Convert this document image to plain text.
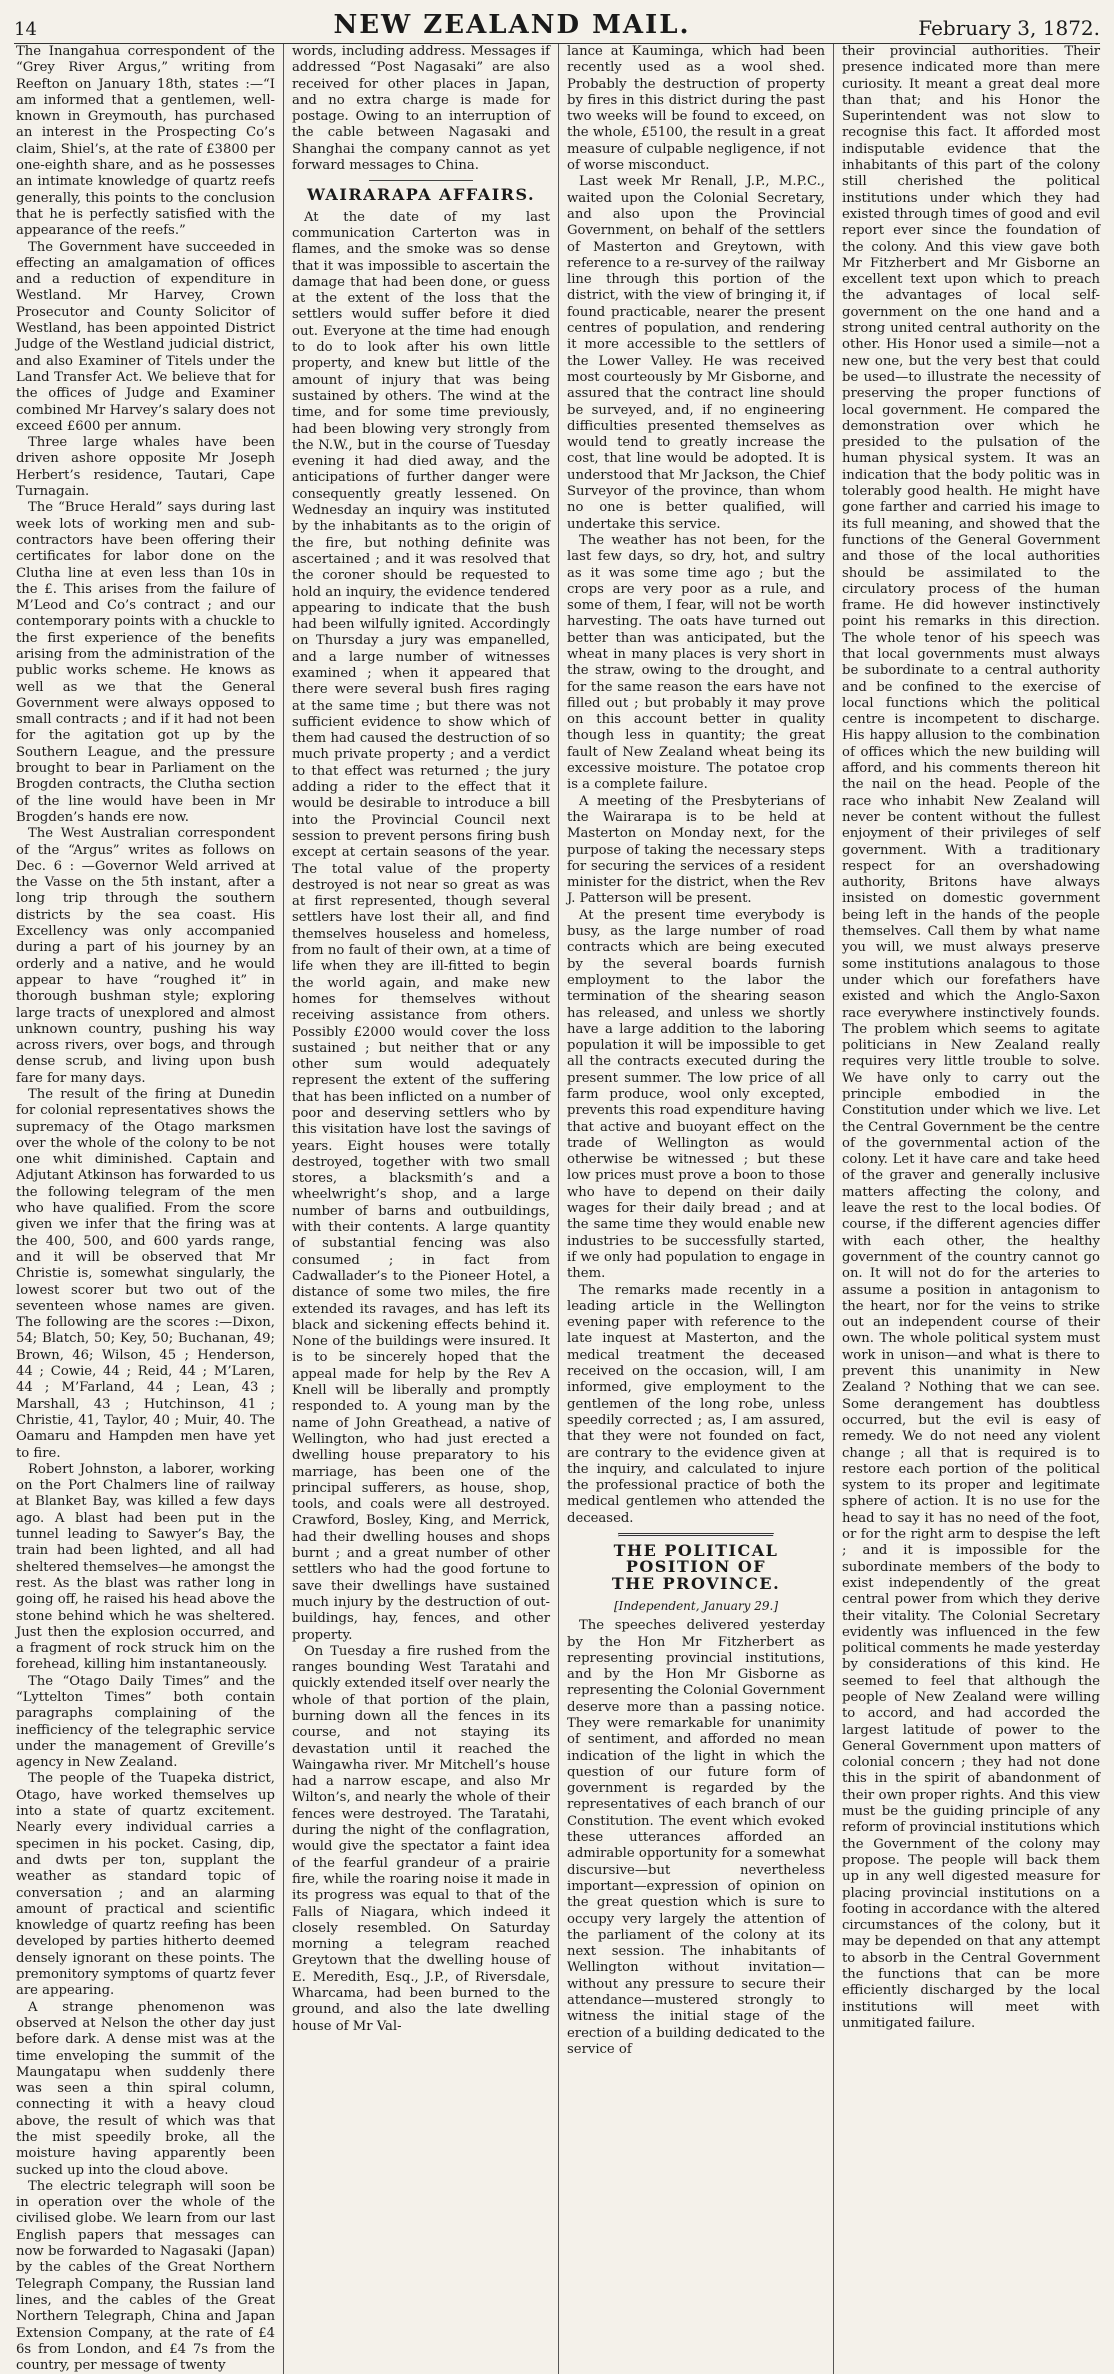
14	NEW ZEALAND MAIL.	February 3, 1872.

The Inangahua correspondent of the “Grey River Argus,” writing from Reefton on January 18th, states :—“I am informed that a gentlemen, well-known in Greymouth, has purchased an interest in the Prospecting Co’s claim, Shiel’s, at the rate of £3800 per one-eighth share, and as he possesses an intimate knowledge of quartz reefs generally, this points to the conclusion that he is perfectly satisfied with the appearance of the reefs.”

The Government have succeeded in effecting an amalgamation of offices and a reduction of expenditure in Westland. Mr Harvey, Crown Prosecutor and County Solicitor of Westland, has been appointed District Judge of the Westland judicial district, and also Examiner of Titels under the Land Transfer Act. We believe that for the offices of Judge and Examiner combined Mr Harvey’s salary does not exceed £600 per annum.

Three large whales have been driven ashore opposite Mr Joseph Herbert’s residence, Tautari, Cape Turnagain.

The “Bruce Herald” says during last week lots of working men and sub-contractors have been offering their certificates for labor done on the Clutha line at even less than 10s in the £. This arises from the failure of M’Leod and Co’s contract ; and our contemporary points with a chuckle to the first experience of the benefits arising from the administration of the public works scheme. He knows as well as we that the General Government were always opposed to small contracts ; and if it had not been for the agitation got up by the Southern League, and the pressure brought to bear in Parliament on the Brogden contracts, the Clutha section of the line would have been in Mr Brogden’s hands ere now.

The West Australian correspondent of the “Argus” writes as follows on Dec. 6 : —Governor Weld arrived at the Vasse on the 5th instant, after a long trip through the southern districts by the sea coast. His Excellency was only accompanied during a part of his journey by an orderly and a native, and he would appear to have “roughed it” in thorough bushman style; exploring large tracts of unexplored and almost unknown country, pushing his way across rivers, over bogs, and through dense scrub, and living upon bush fare for many days.

The result of the firing at Dunedin for colonial representatives shows the supremacy of the Otago marksmen over the whole of the colony to be not one whit diminished. Captain and Adjutant Atkinson has forwarded to us the following telegram of the men who have qualified. From the score given we infer that the firing was at the 400, 500, and 600 yards range, and it will be observed that Mr Christie is, somewhat singularly, the lowest scorer but two out of the seventeen whose names are given. The following are the scores :—Dixon, 54; Blatch, 50; Key, 50; Buchanan, 49; Brown, 46; Wilson, 45 ; Henderson, 44 ; Cowie, 44 ; Reid, 44 ; M’Laren, 44 ; M’Farland, 44 ; Lean, 43 ; Marshall, 43 ; Hutchinson, 41 ; Christie, 41, Taylor, 40 ; Muir, 40. The Oamaru and Hampden men have yet to fire.

Robert Johnston, a laborer, working on the Port Chalmers line of railway at Blanket Bay, was killed a few days ago. A blast had been put in the tunnel leading to Sawyer’s Bay, the train had been lighted, and all had sheltered themselves—he amongst the rest. As the blast was rather long in going off, he raised his head above the stone behind which he was sheltered. Just then the explosion occurred, and a fragment of rock struck him on the forehead, killing him instantaneously.

The “Otago Daily Times” and the “Lyttelton Times” both contain paragraphs complaining of the inefficiency of the telegraphic service under the management of Greville’s agency in New Zealand.

The people of the Tuapeka district, Otago, have worked themselves up into a state of quartz excitement. Nearly every individual carries a specimen in his pocket. Casing, dip, and dwts per ton, supplant the weather as standard topic of conversation ; and an alarming amount of practical and scientific knowledge of quartz reefing has been developed by parties hitherto deemed densely ignorant on these points. The premonitory symptoms of quartz fever are appearing.

A strange phenomenon was observed at Nelson the other day just before dark. A dense mist was at the time enveloping the summit of the Maungatapu when suddenly there was seen a thin spiral column, connecting it with a heavy cloud above, the result of which was that the mist speedily broke, all the moisture having apparently been sucked up into the cloud above.

The electric telegraph will soon be in operation over the whole of the civilised globe. We learn from our last English papers that messages can now be forwarded to Nagasaki (Japan) by the cables of the Great Northern Telegraph Company, the Russian land lines, and the cables of the Great Northern Telegraph, China and Japan Extension Company, at the rate of £4 6s from London, and £4 7s from the country, per message of twenty

words, including address. Messages if addressed “Post Nagasaki” are also received for other places in Japan, and no extra charge is made for postage. Owing to an interruption of the cable between Nagasaki and Shanghai the company cannot as yet forward messages to China.

WAIRARAPA AFFAIRS.

At the date of my last communication Carterton was in flames, and the smoke was so dense that it was impossible to ascertain the damage that had been done, or guess at the extent of the loss that the settlers would suffer before it died out. Everyone at the time had enough to do to look after his own little property, and knew but little of the amount of injury that was being sustained by others. The wind at the time, and for some time previously, had been blowing very strongly from the N.W., but in the course of Tuesday evening it had died away, and the anticipations of further danger were consequently greatly lessened. On Wednesday an inquiry was instituted by the inhabitants as to the origin of the fire, but nothing definite was ascertained ; and it was resolved that the coroner should be requested to hold an inquiry, the evidence tendered appearing to indicate that the bush had been wilfully ignited. Accordingly on Thursday a jury was empanelled, and a large number of witnesses examined ; when it appeared that there were several bush fires raging at the same time ; but there was not sufficient evidence to show which of them had caused the destruction of so much private property ; and a verdict to that effect was returned ; the jury adding a rider to the effect that it would be desirable to introduce a bill into the Provincial Council next session to prevent persons firing bush except at certain seasons of the year. The total value of the property destroyed is not near so great as was at first represented, though several settlers have lost their all, and find themselves houseless and homeless, from no fault of their own, at a time of life when they are ill-fitted to begin the world again, and make new homes for themselves without receiving assistance from others. Possibly £2000 would cover the loss sustained ; but neither that or any other sum would adequately represent the extent of the suffering that has been inflicted on a number of poor and deserving settlers who by this visitation have lost the savings of years. Eight houses were totally destroyed, together with two small stores, a blacksmith’s and a wheelwright’s shop, and a large number of barns and outbuildings, with their contents. A large quantity of substantial fencing was also consumed ; in fact from Cadwallader’s to the Pioneer Hotel, a distance of some two miles, the fire extended its ravages, and has left its black and sickening effects behind it. None of the buildings were insured. It is to be sincerely hoped that the appeal made for help by the Rev A Knell will be liberally and promptly responded to. A young man by the name of John Greathead, a native of Wellington, who had just erected a dwelling house preparatory to his marriage, has been one of the principal sufferers, as house, shop, tools, and coals were all destroyed. Crawford, Bosley, King, and Merrick, had their dwelling houses and shops burnt ; and a great number of other settlers who had the good fortune to save their dwellings have sustained much injury by the destruction of out-buildings, hay, fences, and other property.

On Tuesday a fire rushed from the ranges bounding West Taratahi and quickly extended itself over nearly the whole of that portion of the plain, burning down all the fences in its course, and not staying its devastation until it reached the Waingawha river. Mr Mitchell’s house had a narrow escape, and also Mr Wilton’s, and nearly the whole of their fences were destroyed. The Taratahi, during the night of the conflagration, would give the spectator a faint idea of the fearful grandeur of a prairie fire, while the roaring noise it made in its progress was equal to that of the Falls of Niagara, which indeed it closely resembled. On Saturday morning a telegram reached Greytown that the dwelling house of E. Meredith, Esq., J.P., of Riversdale, Wharcama, had been burned to the ground, and also the late dwelling house of Mr Val-

lance at Kauminga, which had been recently used as a wool shed. Probably the destruction of property by fires in this district during the past two weeks will be found to exceed, on the whole, £5100, the result in a great measure of culpable negligence, if not of worse misconduct.

Last week Mr Renall, J.P., M.P.C., waited upon the Colonial Secretary, and also upon the Provincial Government, on behalf of the settlers of Masterton and Greytown, with reference to a re-survey of the railway line through this portion of the district, with the view of bringing it, if found practicable, nearer the present centres of population, and rendering it more accessible to the settlers of the Lower Valley. He was received most courteously by Mr Gisborne, and assured that the contract line should be surveyed, and, if no engineering difficulties presented themselves as would tend to greatly increase the cost, that line would be adopted. It is understood that Mr Jackson, the Chief Surveyor of the province, than whom no one is better qualified, will undertake this service.

The weather has not been, for the last few days, so dry, hot, and sultry as it was some time ago ; but the crops are very poor as a rule, and some of them, I fear, will not be worth harvesting. The oats have turned out better than was anticipated, but the wheat in many places is very short in the straw, owing to the drought, and for the same reason the ears have not filled out ; but probably it may prove on this account better in quality though less in quantity; the great fault of New Zealand wheat being its excessive moisture. The potatoe crop is a complete failure.

A meeting of the Presbyterians of the Wairarapa is to be held at Masterton on Monday next, for the purpose of taking the necessary steps for securing the services of a resident minister for the district, when the Rev J. Patterson will be present.

At the present time everybody is busy, as the large number of road contracts which are being executed by the several boards furnish employment to the labor the termination of the shearing season has released, and unless we shortly have a large addition to the laboring population it will be impossible to get all the contracts executed during the present summer. The low price of all farm produce, wool only excepted, prevents this road expenditure having that active and buoyant effect on the trade of Wellington as would otherwise be witnessed ; but these low prices must prove a boon to those who have to depend on their daily wages for their daily bread ; and at the same time they would enable new industries to be successfully started, if we only had population to engage in them.

The remarks made recently in a leading article in the Wellington evening paper with reference to the late inquest at Masterton, and the medical treatment the deceased received on the occasion, will, I am informed, give employment to the gentlemen of the long robe, unless speedily corrected ; as, I am assured, that they were not founded on fact, are contrary to the evidence given at the inquiry, and calculated to injure the professional practice of both the medical gentlemen who attended the deceased.

THE POLITICAL POSITION OF
THE PROVINCE.
[Independent, January 29.]

The speeches delivered yesterday by the Hon Mr Fitzherbert as representing provincial institutions, and by the Hon Mr Gisborne as representing the Colonial Government deserve more than a passing notice. They were remarkable for unanimity of sentiment, and afforded no mean indication of the light in which the question of our future form of government is regarded by the representatives of each branch of our Constitution. The event which evoked these utterances afforded an admirable opportunity for a somewhat discursive—but nevertheless important—expression of opinion on the great question which is sure to occupy very largely the attention of the parliament of the colony at its next session. The inhabitants of Wellington without invitation—without any pressure to secure their attendance—mustered strongly to witness the initial stage of the erection of a building dedicated to the service of

their provincial authorities. Their presence indicated more than mere curiosity. It meant a great deal more than that; and his Honor the Superintendent was not slow to recognise this fact. It afforded most indisputable evidence that the inhabitants of this part of the colony still cherished the political institutions under which they had existed through times of good and evil report ever since the foundation of the colony. And this view gave both Mr Fitzherbert and Mr Gisborne an excellent text upon which to preach the advantages of local self-government on the one hand and a strong united central authority on the other. His Honor used a simile—not a new one, but the very best that could be used—to illustrate the necessity of preserving the proper functions of local government. He compared the demonstration over which he presided to the pulsation of the human physical system. It was an indication that the body politic was in tolerably good health. He might have gone farther and carried his image to its full meaning, and showed that the functions of the General Government and those of the local authorities should be assimilated to the circulatory process of the human frame. He did however instinctively point his remarks in this direction. The whole tenor of his speech was that local governments must always be subordinate to a central authority and be confined to the exercise of local functions which the political centre is incompetent to discharge. His happy allusion to the combination of offices which the new building will afford, and his comments thereon hit the nail on the head. People of the race who inhabit New Zealand will never be content without the fullest enjoyment of their privileges of self government. With a traditionary respect for an overshadowing authority, Britons have always insisted on domestic government being left in the hands of the people themselves. Call them by what name you will, we must always preserve some institutions analagous to those under which our forefathers have existed and which the Anglo-Saxon race everywhere instinctively founds. The problem which seems to agitate politicians in New Zealand really requires very little trouble to solve. We have only to carry out the principle embodied in the Constitution under which we live. Let the Central Government be the centre of the governmental action of the colony. Let it have care and take heed of the graver and generally inclusive matters affecting the colony, and leave the rest to the local bodies. Of course, if the different agencies differ with each other, the healthy government of the country cannot go on. It will not do for the arteries to assume a position in antagonism to the heart, nor for the veins to strike out an independent course of their own. The whole political system must work in unison—and what is there to prevent this unanimity in New Zealand ? Nothing that we can see. Some derangement has doubtless occurred, but the evil is easy of remedy. We do not need any violent change ; all that is required is to restore each portion of the political system to its proper and legitimate sphere of action. It is no use for the head to say it has no need of the foot, or for the right arm to despise the left ; and it is impossible for the subordinate members of the body to exist independently of the great central power from which they derive their vitality. The Colonial Secretary evidently was influenced in the few political comments he made yesterday by considerations of this kind. He seemed to feel that although the people of New Zealand were willing to accord, and had accorded the largest latitude of power to the General Government upon matters of colonial concern ; they had not done this in the spirit of abandonment of their own proper rights. And this view must be the guiding principle of any reform of provincial institutions which the Government of the colony may propose. The people will back them up in any well digested measure for placing provincial institutions on a footing in accordance with the altered circumstances of the colony, but it may be depended on that any attempt to absorb in the Central Government the functions that can be more efficiently discharged by the local institutions will meet with unmitigated failure.
